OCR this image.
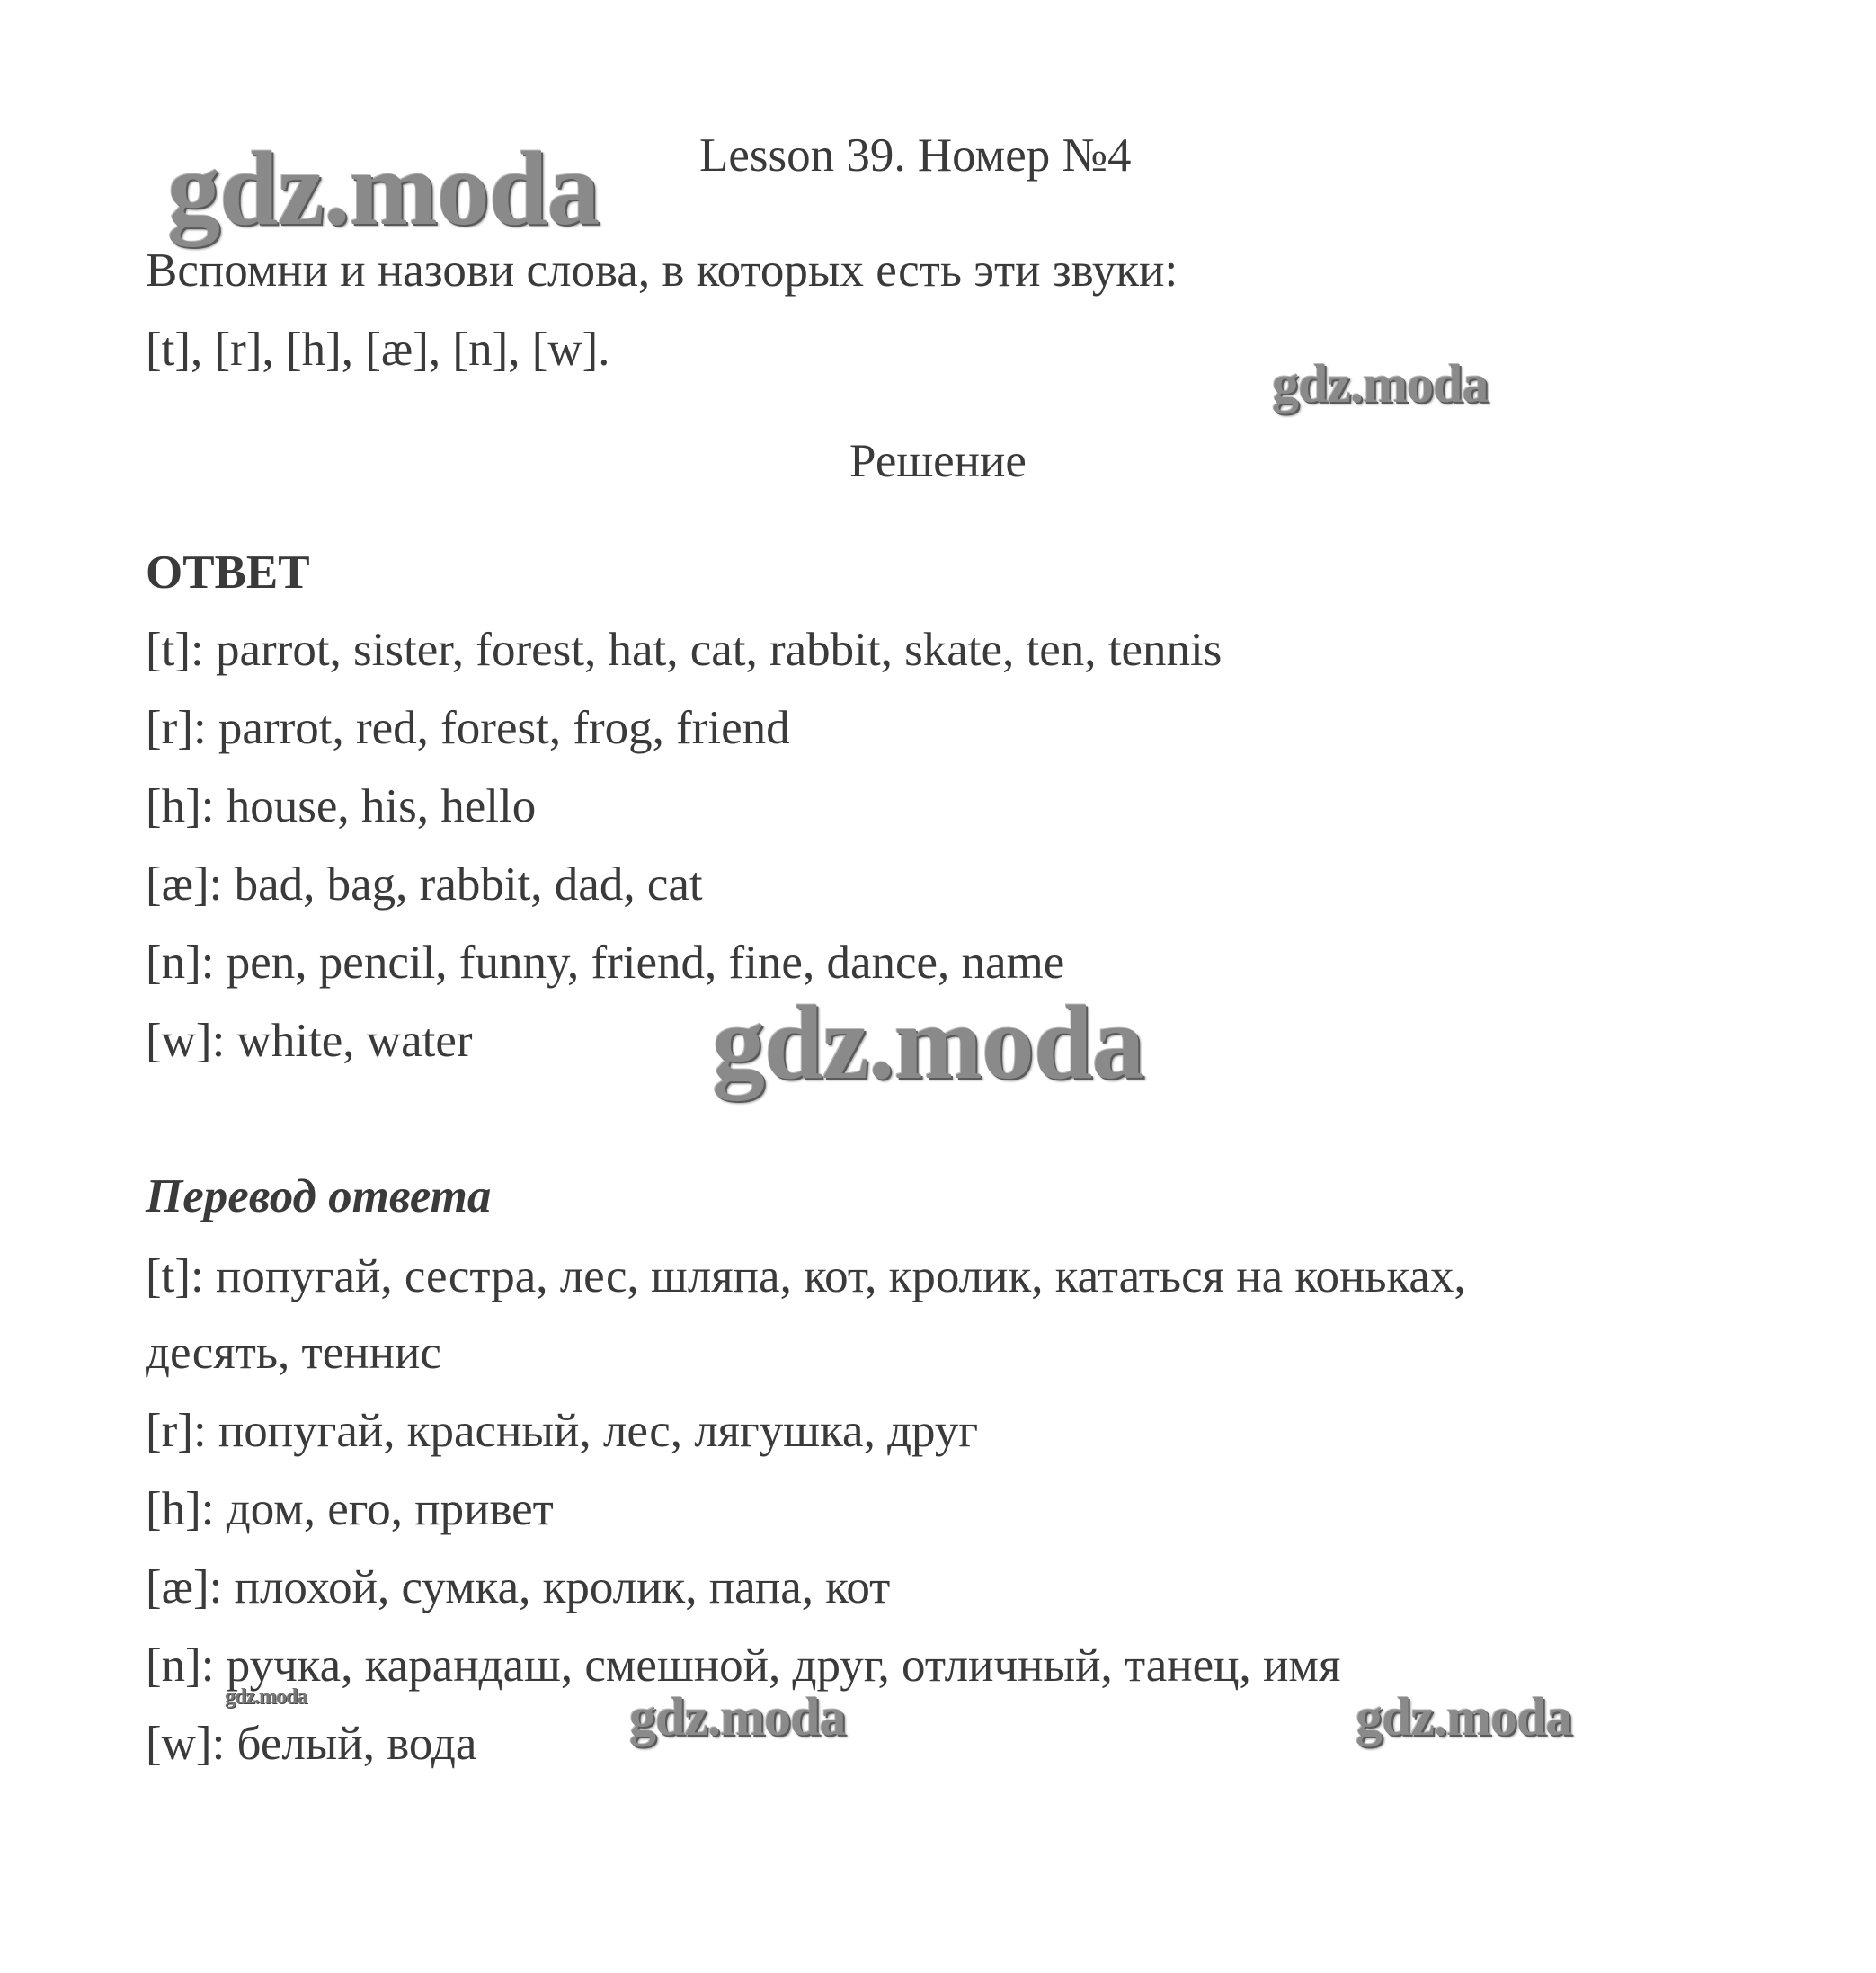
gdz.moda
gdz.moda
gdz.moda
gdz.moda	gdz.moda	gdz.moda
Lesson 39. Номер №4
Вспомни и назови слова, в которых есть эти звуки:
[t], [r], [h], [æ], [n], [w].
Решение
ОТВЕТ
[t]: parrot, sister, forest, hat, cat, rabbit, skate, ten, tennis
[r]: parrot, red, forest, frog, friend
[h]: house, his, hello
[æ]: bad, bag, rabbit, dad, cat
[n]: pen, pencil, funny, friend, fine, dance, name
[w]: white, water
Перевод ответа
[t]: попугай, сестра, лес, шляпа, кот, кролик, кататься на коньках,
десять, теннис
[r]: попугай, красный, лес, лягушка, друг
[h]: дом, его, привет
[æ]: плохой, сумка, кролик, папа, кот
[n]: ручка, карандаш, смешной, друг, отличный, танец, имя
[w]: белый, вода
